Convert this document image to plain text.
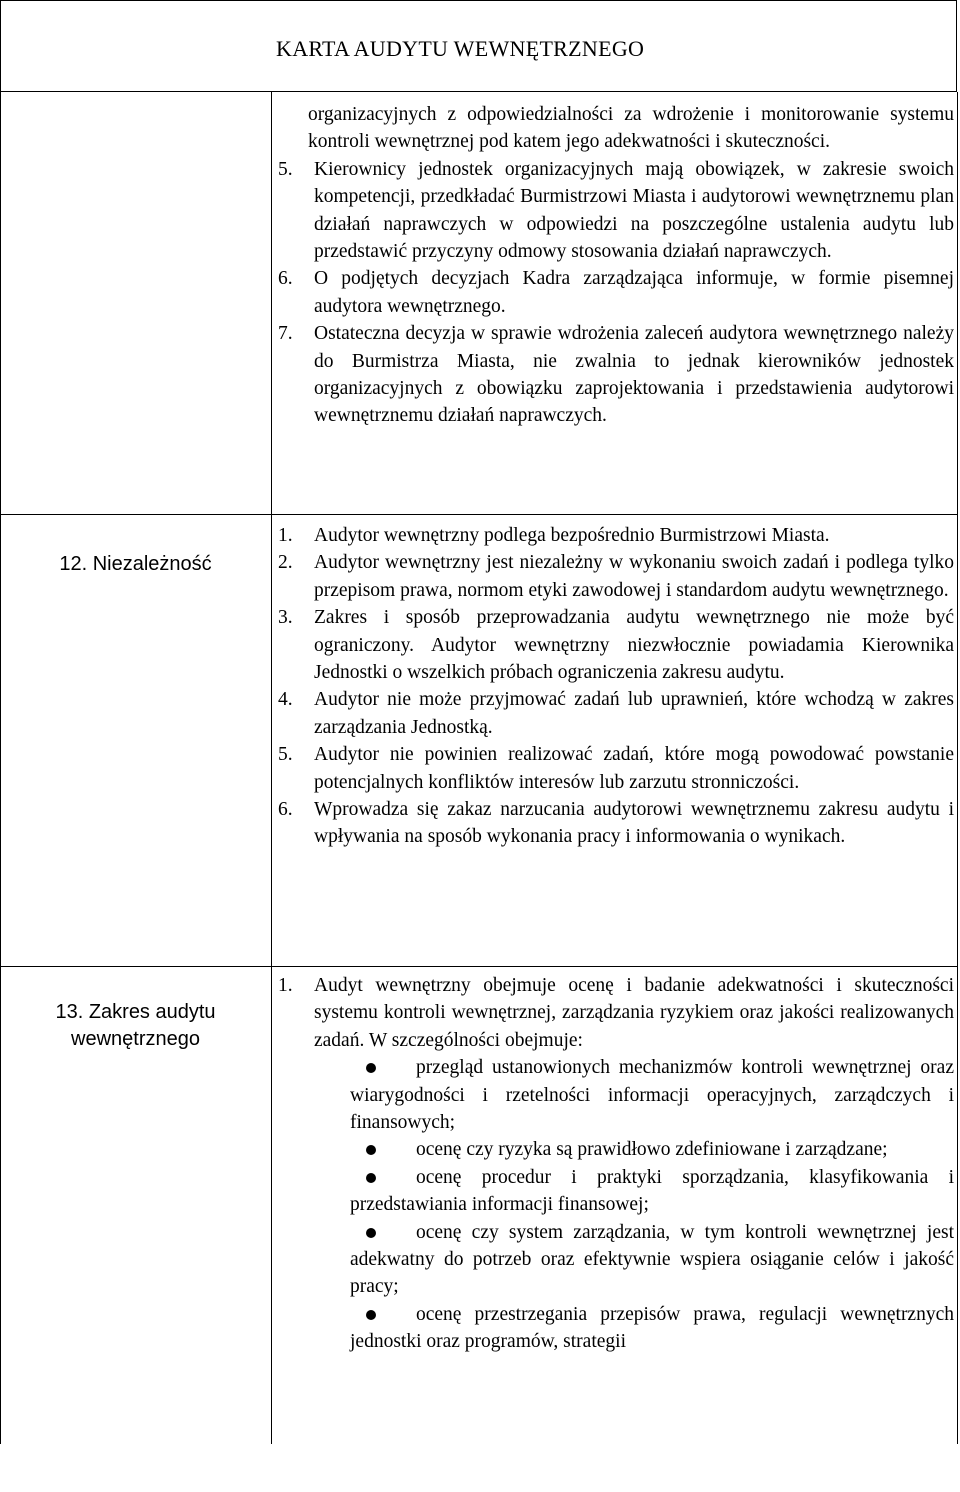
KARTA AUDYTU WEWNĘTRZNEGO

organizacyjnych z odpowiedzialności za wdrożenie i monitorowanie systemu kontroli wewnętrznej pod katem jego adekwatności i skuteczności.

5. Kierownicy jednostek organizacyjnych mają obowiązek, w zakresie swoich kompetencji, przedkładać Burmistrzowi Miasta i audytorowi wewnętrznemu plan działań naprawczych w odpowiedzi na poszczególne ustalenia audytu lub przedstawić przyczyny odmowy stosowania działań naprawczych.

6. O podjętych decyzjach Kadra zarządzająca informuje, w formie pisemnej audytora wewnętrznego.

7. Ostateczna decyzja w sprawie wdrożenia zaleceń audytora wewnętrznego należy do Burmistrza Miasta, nie zwalnia to jednak kierowników jednostek organizacyjnych z obowiązku zaprojektowania i przedstawienia audytorowi wewnętrznemu działań naprawczych.

12. Niezależność
1. Audytor wewnętrzny podlega bezpośrednio Burmistrzowi Miasta.

2. Audytor wewnętrzny jest niezależny w wykonaniu swoich zadań i podlega tylko przepisom prawa, normom etyki zawodowej i standardom audytu wewnętrznego.

3. Zakres i sposób przeprowadzania audytu wewnętrznego nie może być ograniczony. Audytor wewnętrzny niezwłocznie powiadamia Kierownika Jednostki o wszelkich próbach ograniczenia zakresu audytu.

4. Audytor nie może przyjmować zadań lub uprawnień, które wchodzą w zakres zarządzania Jednostką.

5. Audytor nie powinien realizować zadań, które mogą powodować powstanie potencjalnych konfliktów interesów lub zarzutu stronniczości.

6. Wprowadza się zakaz narzucania audytorowi wewnętrznemu zakresu audytu i wpływania na sposób wykonania pracy i informowania o wynikach.

13. Zakres audytu
wewnętrznego
1. Audyt wewnętrzny obejmuje ocenę i badanie adekwatności i skuteczności systemu kontroli wewnętrznej, zarządzania ryzykiem oraz jakości realizowanych zadań. W szczególności obejmuje:

przegląd ustanowionych mechanizmów kontroli wewnętrznej oraz wiarygodności i rzetelności informacji operacyjnych, zarządczych i finansowych;

ocenę czy ryzyka są prawidłowo zdefiniowane i zarządzane;

ocenę procedur i praktyki sporządzania, klasyfikowania i przedstawiania informacji finansowej;

ocenę czy system zarządzania, w tym kontroli wewnętrznej jest adekwatny do potrzeb oraz efektywnie wspiera osiąganie celów i jakość pracy;

ocenę przestrzegania przepisów prawa, regulacji wewnętrznych jednostki oraz programów, strategii
